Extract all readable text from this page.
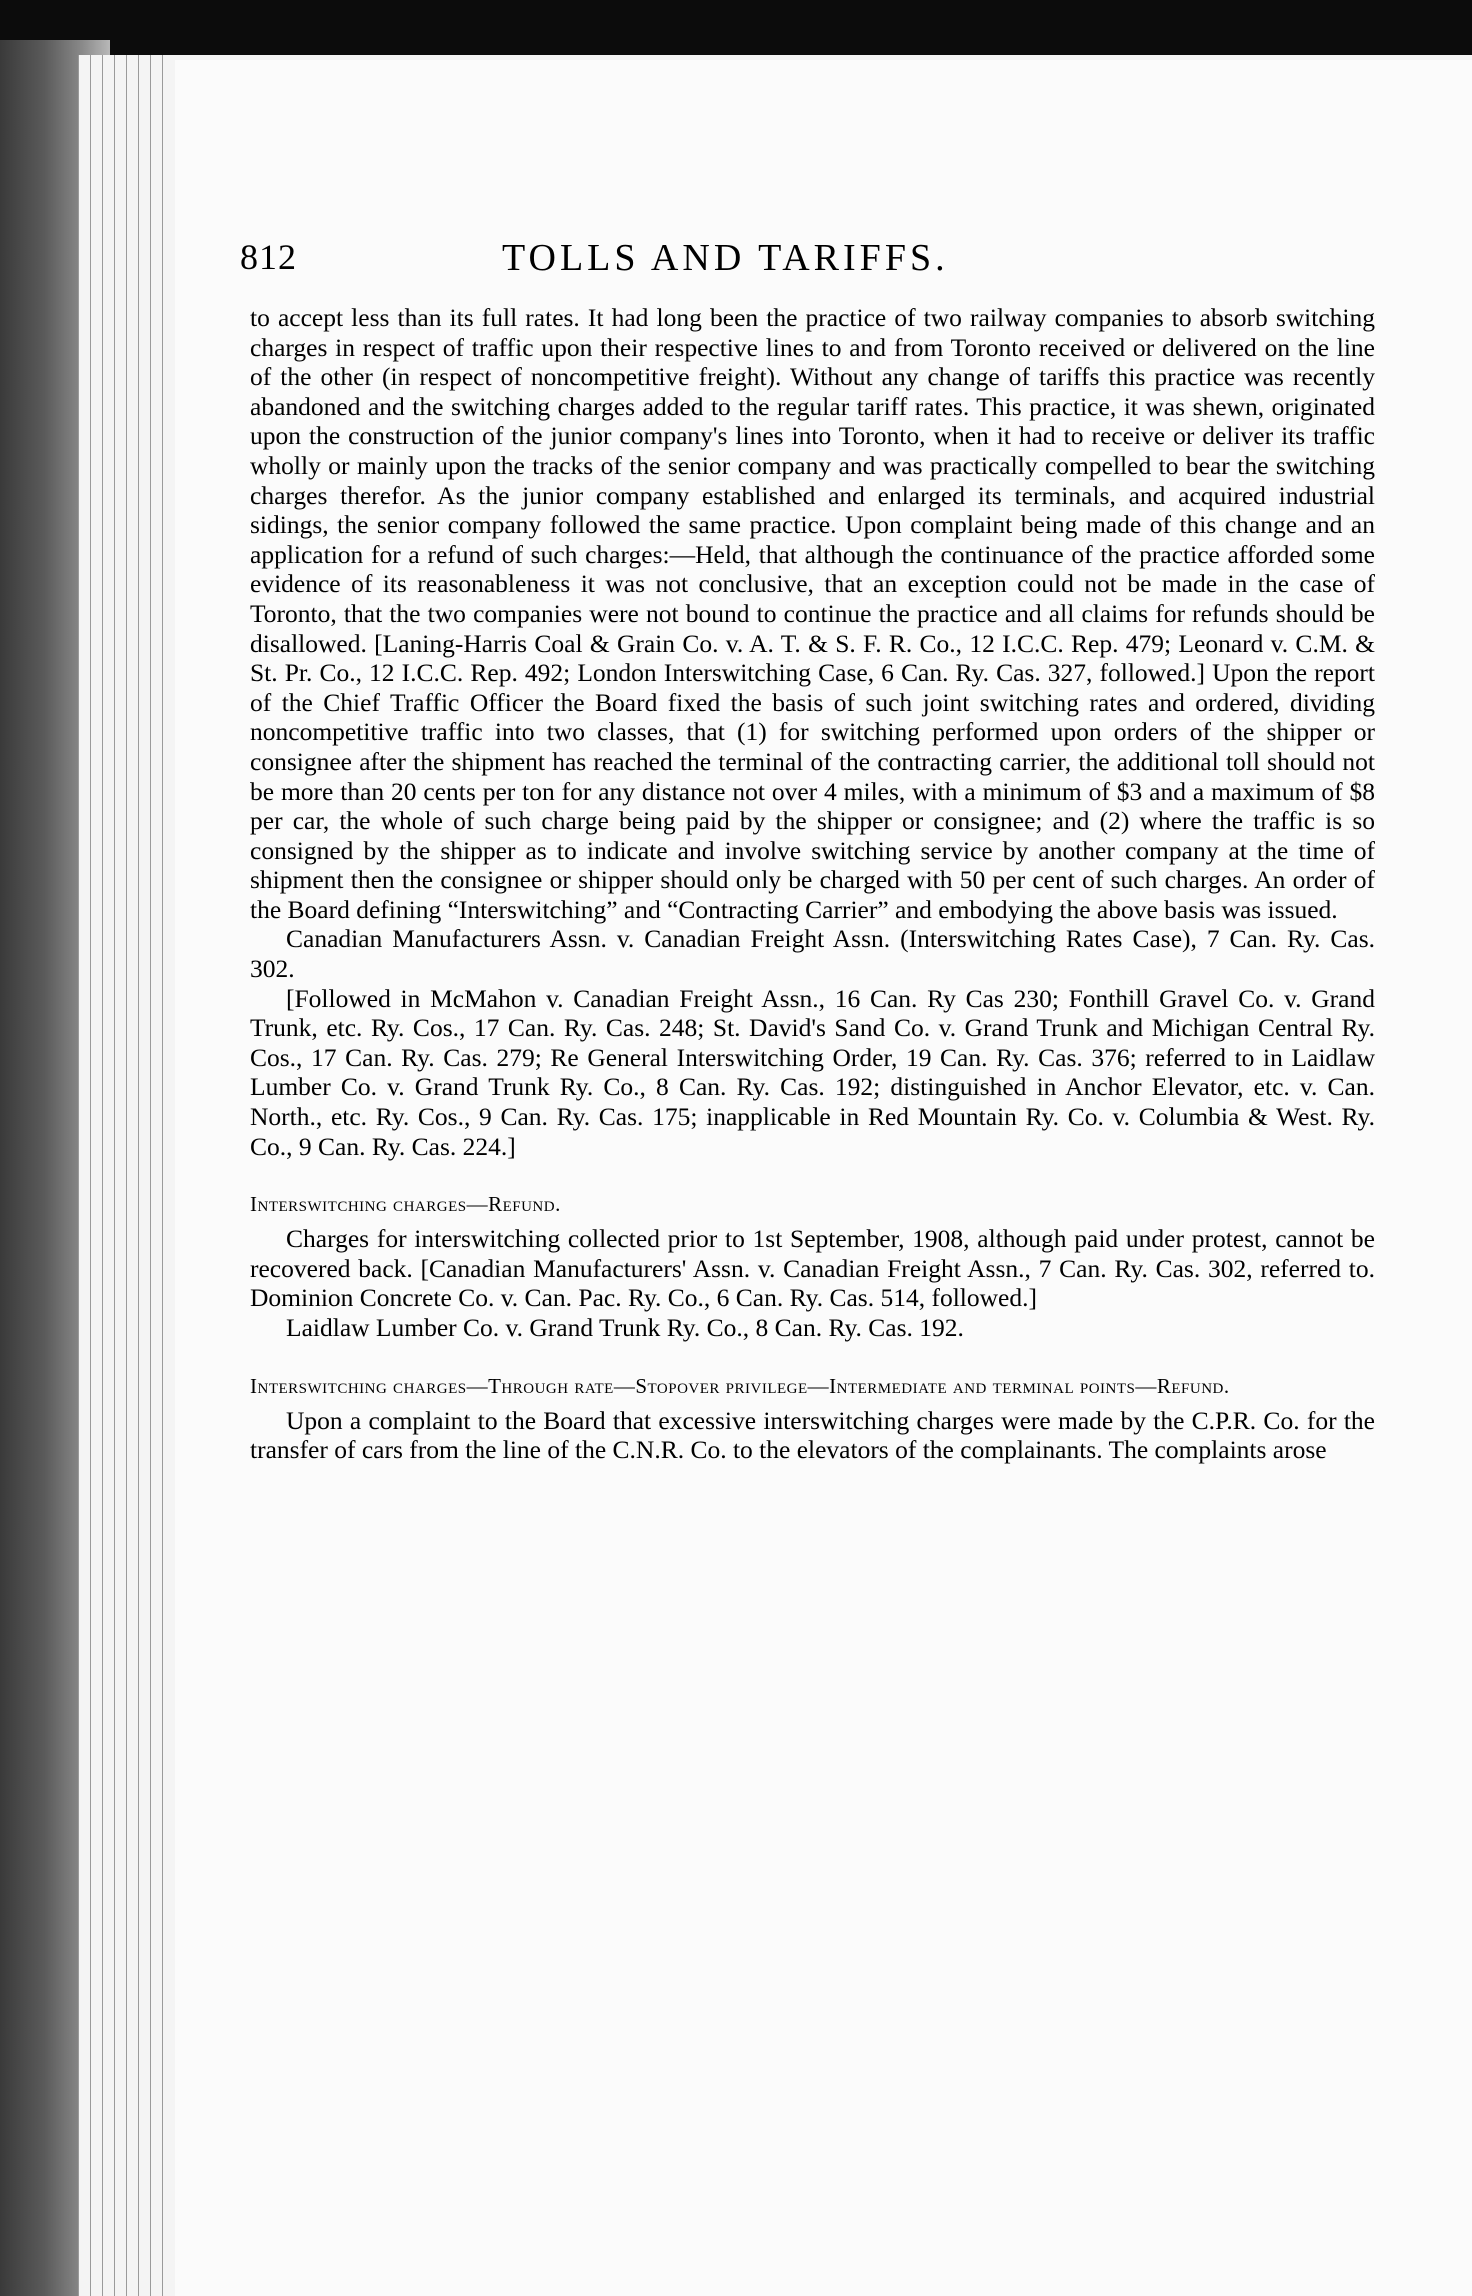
812	TOLLS AND TARIFFS.

to accept less than its full rates. It had long been the practice of two railway companies to absorb switching charges in respect of traffic upon their respective lines to and from Toronto received or delivered on the line of the other (in respect of noncompetitive freight). Without any change of tariffs this practice was recently abandoned and the switching charges added to the regular tariff rates. This practice, it was shewn, originated upon the construction of the junior company's lines into Toronto, when it had to receive or deliver its traffic wholly or mainly upon the tracks of the senior company and was practically compelled to bear the switching charges therefor. As the junior company established and enlarged its terminals, and acquired industrial sidings, the senior company followed the same practice. Upon complaint being made of this change and an application for a refund of such charges:—Held, that although the continuance of the practice afforded some evidence of its reasonableness it was not conclusive, that an exception could not be made in the case of Toronto, that the two companies were not bound to continue the practice and all claims for refunds should be disallowed. [Laning-Harris Coal & Grain Co. v. A. T. & S. F. R. Co., 12 I.C.C. Rep. 479; Leonard v. C.M. & St. Pr. Co., 12 I.C.C. Rep. 492; London Interswitching Case, 6 Can. Ry. Cas. 327, followed.] Upon the report of the Chief Traffic Officer the Board fixed the basis of such joint switching rates and ordered, dividing noncompetitive traffic into two classes, that (1) for switching performed upon orders of the shipper or consignee after the shipment has reached the terminal of the contracting carrier, the additional toll should not be more than 20 cents per ton for any distance not over 4 miles, with a minimum of $3 and a maximum of $8 per car, the whole of such charge being paid by the shipper or consignee; and (2) where the traffic is so consigned by the shipper as to indicate and involve switching service by another company at the time of shipment then the consignee or shipper should only be charged with 50 per cent of such charges. An order of the Board defining “Interswitching” and “Contracting Carrier” and embodying the above basis was issued.

Canadian Manufacturers Assn. v. Canadian Freight Assn. (Interswitching Rates Case), 7 Can. Ry. Cas. 302.

[Followed in McMahon v. Canadian Freight Assn., 16 Can. Ry Cas 230; Fonthill Gravel Co. v. Grand Trunk, etc. Ry. Cos., 17 Can. Ry. Cas. 248; St. David's Sand Co. v. Grand Trunk and Michigan Central Ry. Cos., 17 Can. Ry. Cas. 279; Re General Interswitching Order, 19 Can. Ry. Cas. 376; referred to in Laidlaw Lumber Co. v. Grand Trunk Ry. Co., 8 Can. Ry. Cas. 192; distinguished in Anchor Elevator, etc. v. Can. North., etc. Ry. Cos., 9 Can. Ry. Cas. 175; inapplicable in Red Mountain Ry. Co. v. Columbia & West. Ry. Co., 9 Can. Ry. Cas. 224.]

Interswitching charges—Refund.

Charges for interswitching collected prior to 1st September, 1908, although paid under protest, cannot be recovered back. [Canadian Manufacturers' Assn. v. Canadian Freight Assn., 7 Can. Ry. Cas. 302, referred to. Dominion Concrete Co. v. Can. Pac. Ry. Co., 6 Can. Ry. Cas. 514, followed.]

Laidlaw Lumber Co. v. Grand Trunk Ry. Co., 8 Can. Ry. Cas. 192.

Interswitching charges—Through rate—Stopover privilege—Intermediate and terminal points—Refund.

Upon a complaint to the Board that excessive interswitching charges were made by the C.P.R. Co. for the transfer of cars from the line of the C.N.R. Co. to the elevators of the complainants. The complaints arose
